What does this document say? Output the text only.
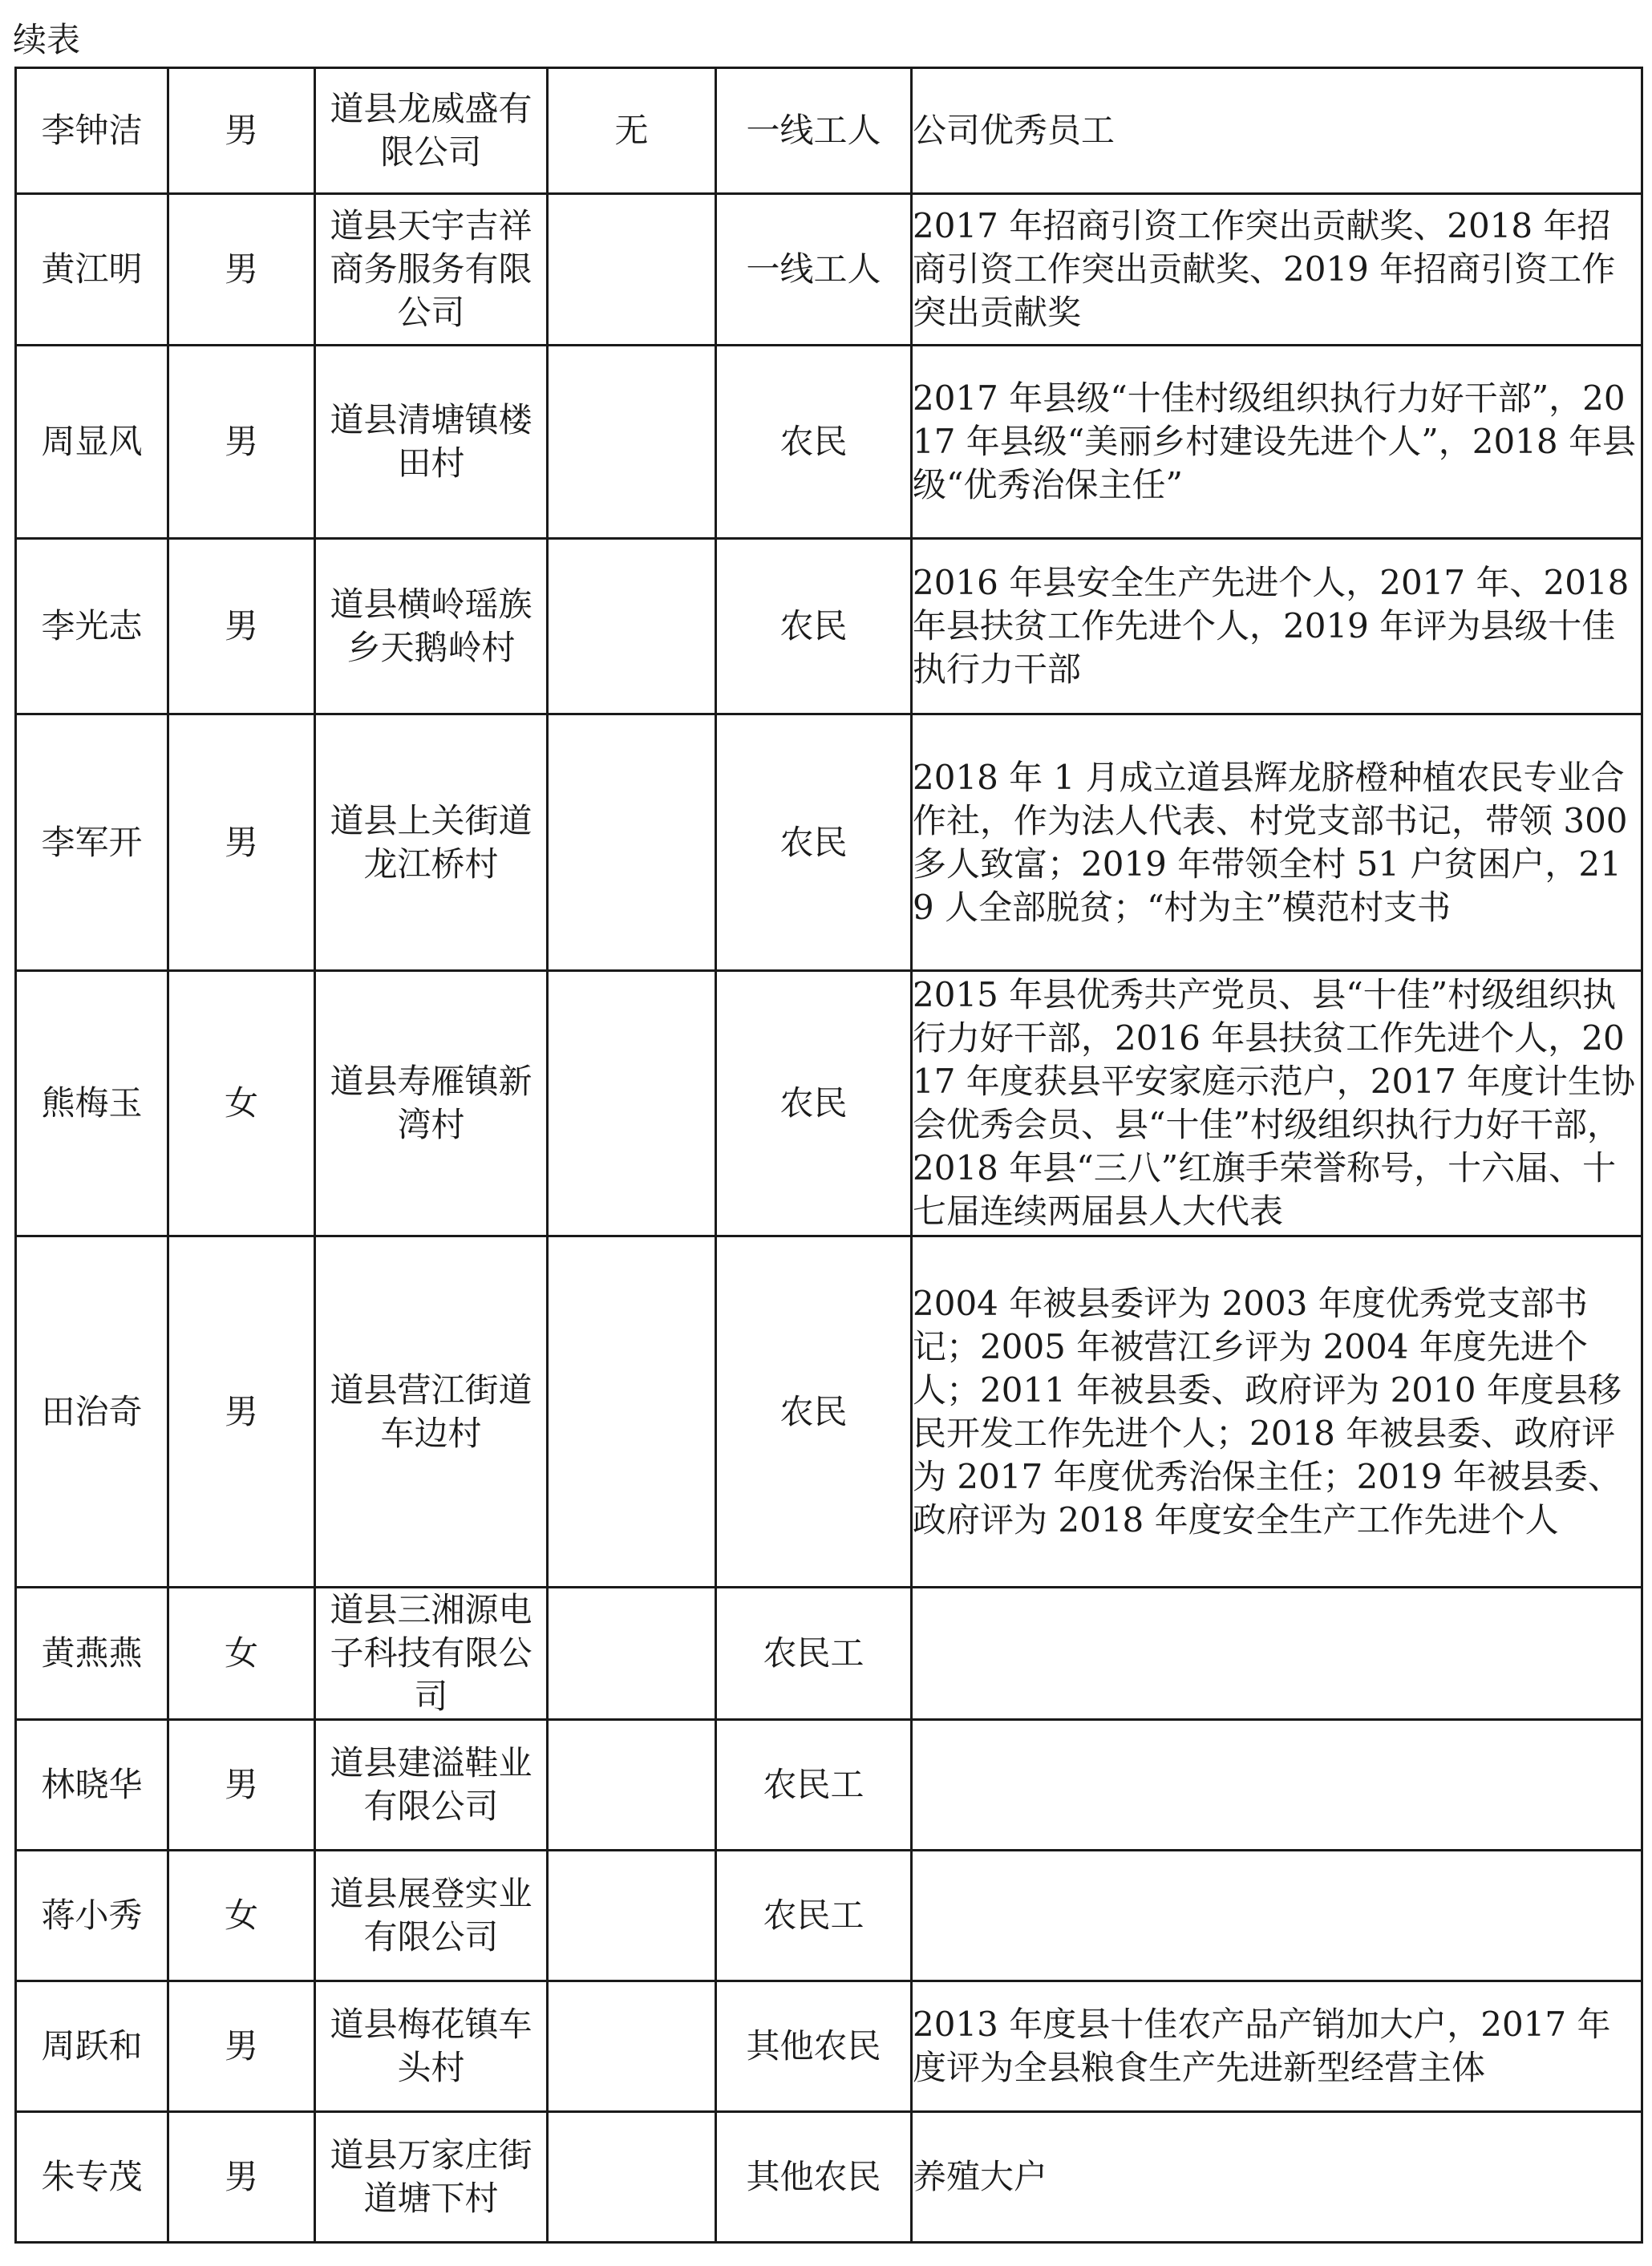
续表
李钟洁	男	道县龙威盛有限公司	无	一线工人	公司优秀员工
黄江明	男	道县天宇吉祥商务服务有限公司		一线工人	2017 年招商引资工作突出贡献奖、2018 年招商引资工作突出贡献奖、2019 年招商引资工作突出贡献奖
周显风	男	道县清塘镇楼田村		农民	2017 年县级“十佳村级组织执行力好干部”，2017 年县级“美丽乡村建设先进个人”，2018 年县级“优秀治保主任”
李光志	男	道县横岭瑶族乡天鹅岭村		农民	2016 年县安全生产先进个人，2017 年、2018 年县扶贫工作先进个人，2019 年评为县级十佳执行力干部
李军开	男	道县上关街道龙江桥村		农民	2018 年 1 月成立道县辉龙脐橙种植农民专业合作社，作为法人代表、村党支部书记，带领 300 多人致富；2019 年带领全村 51 户贫困户，219 人全部脱贫；“村为主”模范村支书
熊梅玉	女	道县寿雁镇新湾村		农民	2015 年县优秀共产党员、县“十佳”村级组织执行力好干部，2016 年县扶贫工作先进个人，2017 年度获县平安家庭示范户，2017 年度计生协会优秀会员、县“十佳”村级组织执行力好干部，2018 年县“三八”红旗手荣誉称号，十六届、十七届连续两届县人大代表
田治奇	男	道县营江街道车边村		农民	2004 年被县委评为 2003 年度优秀党支部书记；2005 年被营江乡评为 2004 年度先进个人；2011 年被县委、政府评为 2010 年度县移民开发工作先进个人；2018 年被县委、政府评为 2017 年度优秀治保主任；2019 年被县委、政府评为 2018 年度安全生产工作先进个人
黄燕燕	女	道县三湘源电子科技有限公司		农民工	
林晓华	男	道县建溢鞋业有限公司		农民工	
蒋小秀	女	道县展登实业有限公司		农民工	
周跃和	男	道县梅花镇车头村		其他农民	2013 年度县十佳农产品产销加大户，2017 年度评为全县粮食生产先进新型经营主体
朱专茂	男	道县万家庄街道塘下村		其他农民	养殖大户
